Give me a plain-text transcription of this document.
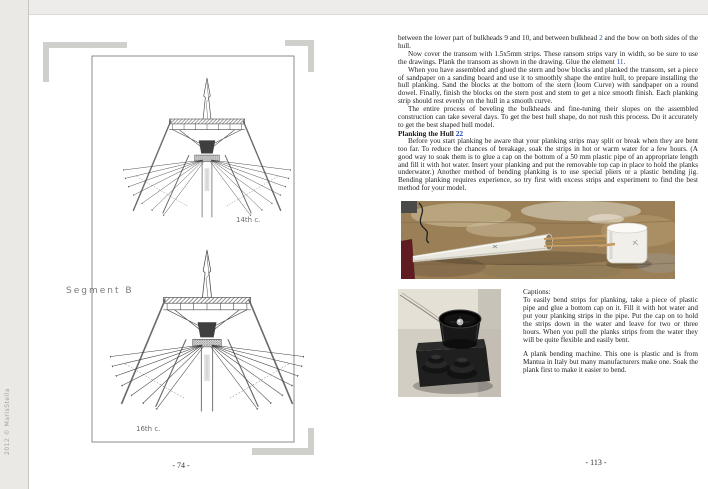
14th c.
Segment B
16th c.
2012 © MarisStella
- 74 -

between the lower part of bulkheads 9 and 10, and between bulkhead 2 and the bow on both sides of the hull.

Now cover the transom with 1.5x5mm strips. These ransom strips vary in width, so be sure to use the drawings. Plank the transom as shown in the drawing. Glue the element 11.

When you have assembled and glued the stern and bow blocks and planked the transom, set a piece of sandpaper on a sanding board and use it to smoothly shape the entire hull, to prepare installing the hull planking. Sand the blocks at the bottom of the stern (loom Curve) with sandpaper on a round dowel. Finally, finish the blocks on the stern post and stem to get a nice smooth finish. Each planking strip should rest evenly on the hull in a smooth curve.

The entire process of beveling the bulkheads and fine-tuning their slopes on the assembled construction can take several days. To get the best hull shape, do not rush this process. Do it accurately to get the best shaped hull model.

Planking the Hull 22

Before you start planking be aware that your planking strips may split or break when they are bent too far. To reduce the chances of breakage, soak the strips in hot or warm water for a few hours. (A good way to soak them is to glue a cap on the bottom of a 50 mm plastic pipe of an appropriate length and fill it with hot water. Insert your planking and put the removable top cap in place to hold the planks underwater.) Another method of bending planking is to use special pliers or a plastic bending jig. Bending planking requires experience, so try first with excess strips and experiment to find the best method for your model.

Captions:

To easily bend strips for planking, take a piece of plastic pipe and glue a bottom cap on it. Fill it with hot water and put your planking strips in the pipe. Put the cap on to hold the strips down in the water and leave for two or three hours. When you pull the planks strips from the water they will be quite flexible and easily bent.

A plank bending machine. This one is plastic and is from Mantua in Italy but many manufacturers make one. Soak the plank first to make it easier to bend.

- 113 -
